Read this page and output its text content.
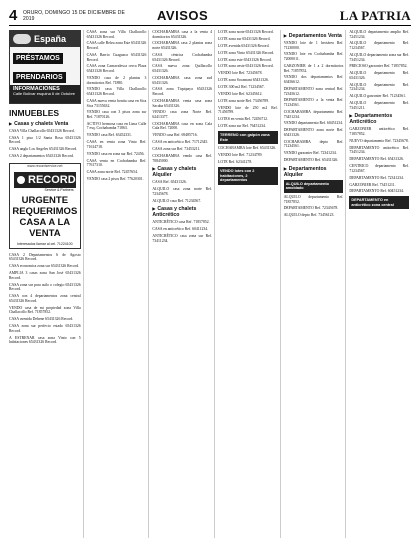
4	ORURO, DOMINGO 15 DE DICIEMBRE DE 2019	AVISOS	LA PATRIA
España
PRÉSTAMOS
PRENDARIOS
INFORMACIONES
Calle Bolívar esquina 6 de Octubre
INMUEBLES
▶ Casas y chalets Venta
CASA Villa Challacollo 65431326 Record.
CASA 1 piso 1/2 Santa Rosa 65431326 Record.
CASA anglo Los Angeles 65431326 Record.
CASA 2 departamentos 65431326 Record.
www.recordservice.net
RECORD
Service & Partners
URGENTE REQUERIMOS CASA A LA VENTA
Interesados llamar al cel. 71224100
CASA 2 Departamentos 6 de Agosto 65431326 Record.
CASA economica zona sur 65431326 Record.
AMPLIA 3 casas zona San José 65431326 Record.
CASA zona sur para asilo o colegio 65431326 Record.
CASA con 4 departamentos zona central 65431326 Record.
VENDO casa de mi propiedad zona Villa Challacollo Ref. 71857852.
CASA avenida Dehene 65431326 Record.
CASA zona sur perfecto estado 65431326 Record.
A ESTRENAR casa zona Vinto con 5 habitaciones 65431326 Record.
CASA zona sur Villa Challacollo 65431326 Record.
CASA calle Belzu zona Este 65431326 Record.
CASA Barrio Cuaguaca 65431326 Record.
CASA zona Carnavalesca cerca Plaza 65431326 Record.
VENDO casa de 2 plantas 3 dormitorios Ref. 71880.
VENDO casa Villa Challacollo 65431326 Record.
CASA nueva venta bonita casa en Sica Sica 73155632.
VENDO casa con 3 pisos zona sur Ref. 71870126.
ACTIVO hermosa casa en Lima Calle 7 esq. Cochabamba 71863.
VENDO casa Ref. 63452331.
CASA en venta zona Vinto Ref. 71614718.
VENDO casa en zona sur Ref. 72456.
CASA venta en Cochabamba Ref. 77617310.
CASA zona norte Ref. 72457654.
VENDO casa 2 pisos Ref. 77620301.
COCHABAMBA casa a la venta 4 dormitorios 65431326.
COCHABAMBA casa 2 plantas zona norte 65431326.
CASA céntrica Cochabamba 65431326 Record.
CASA nueva zona Quillacollo 65431326.
COCHABAMBA casa zona sud 65431326.
CASA zona Tiquipaya 65431326 Record.
COCHABAMBA venta casa zona Sacaba 65431326.
VENDO casa zona Norte Ref. 62413377.
COCHABAMBA casa en zona Cala Cala Ref. 72000.
VENDO casa Ref. 69485716.
CASA en anticrético Ref. 71712345.
CASA zona sur Ref. 73453211.
COCHABAMBA vendo casa Ref. 70845000.
▶ Casas y chalets Alquiler
CASA Ref. 65431326.
ALQUILO casa zona norte Ref. 72345678.
ALQUILO casa Ref. 71234567.
▶ Casas y chalets Anticrético
ANTICRÉTICO casa Ref. 71857852.
CASA en anticrético Ref. 60411234.
ANTICRÉTICO casa zona sur Ref. 73411234.
LOTE zona norte 65431326 Record.
LOTE zona sur 65431326 Record.
LOTE avenida 65431326 Record.
LOTE zona Vinto 65431326 Record.
LOTE zona este 65431326 Record.
LOTE zona oeste 65431326 Record.
VENDO lote Ref. 72345678.
LOTE zona Socamani 65431326.
LOTE 300 m2 Ref. 71234567.
VENDO lote Ref. 62345612.
LOTE zona norte Ref. 73456789.
VENDO lote de 250 m2 Ref. 71456789.
LOTES en venta Ref. 72456712.
LOTE zona sur Ref. 76451234.
TERRENO con galpón zona Este
COCHABAMBA lote Ref. 65431326.
VENDO lote Ref. 71234789.
LOTE Ref. 62341278.
VENDO lotes con 2 habitaciones, 2 departamentos
▶ Departamentos Venta
VENDO lote de 1 hectárea Ref. 71230000.
VENDO lote en Cochabamba Ref. 72000011.
GARZONIER de 1 a 2 dormitorios Ref. 71857852.
VENDO dos departamentos Ref. 63456612.
DEPARTAMENTO zona central Ref. 72345612.
DEPARTAMENTO a la venta Ref. 71234561.
COCHABAMBA departamento Ref. 73451234.
VENDO departamento Ref. 60451234.
DEPARTAMENTO zona norte Ref. 65431326.
COCHABAMBA depto Ref. 71234561.
VENDO garzonier Ref. 72341234.
DEPARTAMENTO Ref. 65431326.
▶ Departamentos Alquiler
ALQUILO departamento amoblado
ALQUILO departamento Ref. 71857852.
DEPARTAMENTO Ref. 72345678.
ALQUILO depto Ref. 73456123.
ALQUILO departamento amplio Ref. 72451234.
ALQUILO departamento Ref. 71234567.
ALQUILO departamento zona sur Ref. 73451234.
PRECIOSO garzonier Ref. 71857852.
ALQUILO departamento Ref. 65431326.
ALQUILO departamento Ref. 72341234.
ALQUILO garzonier Ref. 71234561.
ALQUILO departamento Ref. 73451211.
▶ Departamentos Anticrético
GARZONIER anticrético Ref. 71857852.
NUEVO departamento Ref. 72345678.
DEPARTAMENTO anticrético Ref. 73451234.
DEPARTAMENTO Ref. 65431326.
CENTRICO departamento Ref. 71234567.
DEPARTAMENTO Ref. 72341234.
GARZONIER Ref. 73451211.
DEPARTAMENTO Ref. 60451234.
DEPARTAMENTO en anticrético zona central
